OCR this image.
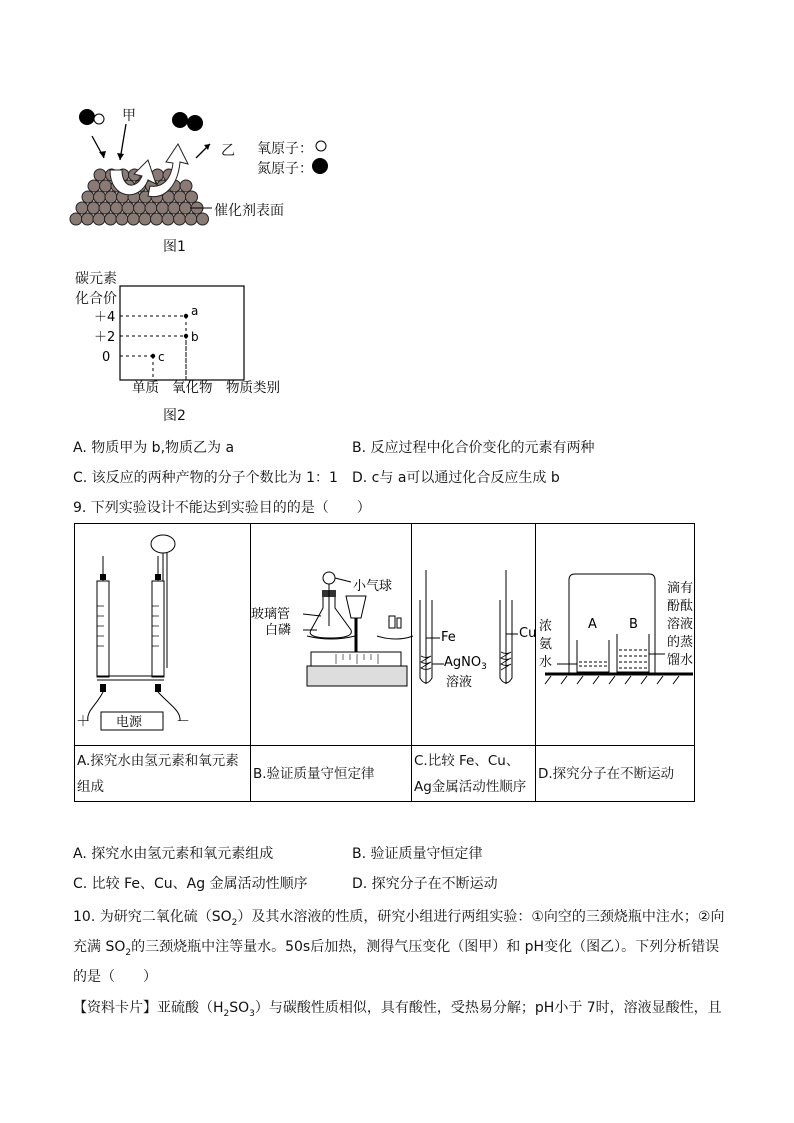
甲
乙 氧原子：
氮原子：
催化剂表面
图1
碳元素
化合价
＋4
＋2
0
a
b
c
单质 氧化物 物质类别
图2
A. 物质甲为 b,物质乙为 a	B. 反应过程中化合价变化的元素有两种
C. 该反应的两种产物的分子个数比为 1：1 D. c与 a可以通过化合反应生成 b
9. 下列实验设计不能达到实验目的的是（　　）

A.探究水由氢元素和氧元素组成	B.验证质量守恒定律	C.比较 Fe、Cu、Ag金属活动性顺序	D.探究分子在不断运动
电源
＋	－
小气球
玻璃管
白磷	Fe	Cu
AgNO$_3$
溶液
A B
浓
氨
水
滴有
酚酞
溶液
的蒸
馏水
A. 探究水由氢元素和氧元素组成	B. 验证质量守恒定律
C. 比较 Fe、Cu、Ag 金属活动性顺序	D. 探究分子在不断运动
10. 为研究二氧化硫$(SO_2)$及其水溶液的性质，研究小组进行两组实验：①向空的三颈烧瓶中注水；②向
充满 $SO_2$的三颈烧瓶中注等量水。50s后加热，测得气压变化（图甲）和 pH变化（图乙）。下列分析错误
的是（　　）
【资料卡片】亚硫酸$(H_2SO_3)$与碳酸性质相似，具有酸性，受热易分解；pH小于 7时，溶液显酸性，且
